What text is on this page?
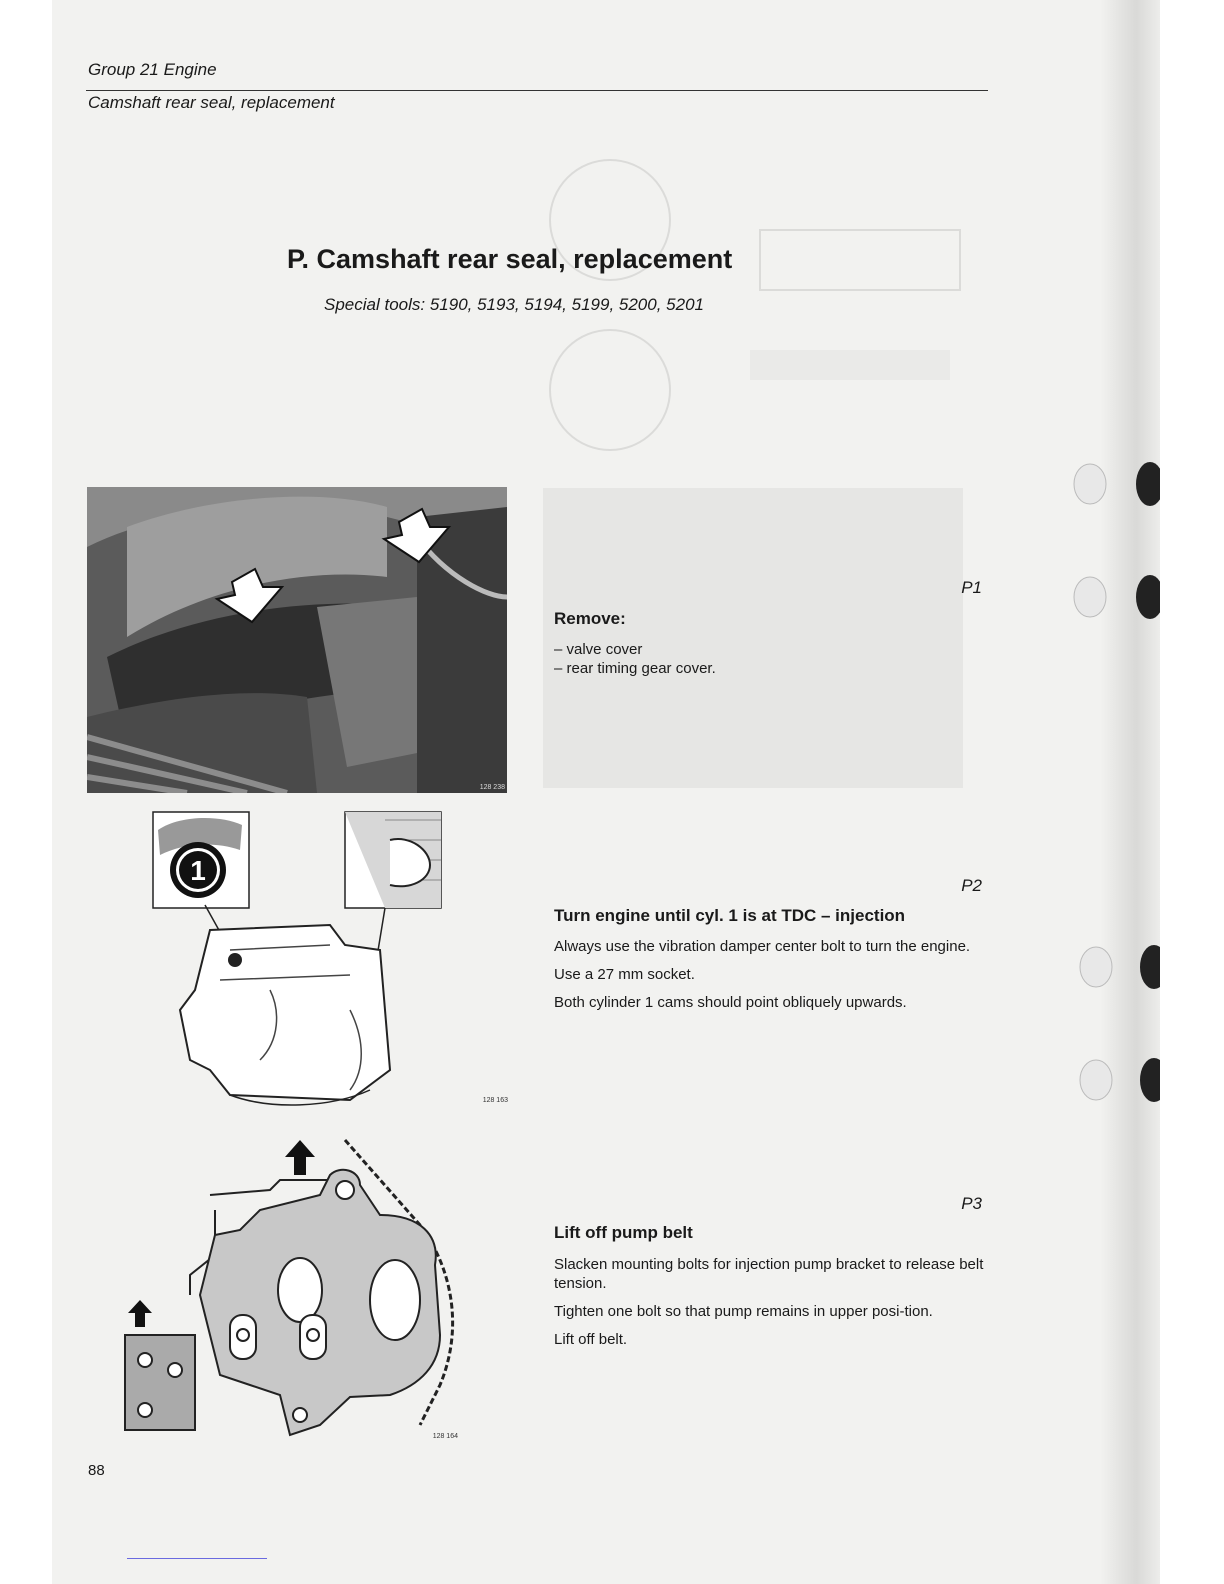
Group 21 Engine
Camshaft rear seal, replacement
P. Camshaft rear seal, replacement
Special tools: 5190, 5193, 5194, 5199, 5200, 5201
128 238
P1
Remove:
– valve cover
– rear timing gear cover.
1
128 163
P2
Turn engine until cyl. 1 is at TDC – injection

Always use the vibration damper center bolt to turn the engine.

Use a 27 mm socket.

Both cylinder 1 cams should point obliquely upwards.

128 164
P3
Lift off pump belt

Slacken mounting bolts for injection pump bracket to release belt tension.

Tighten one bolt so that pump remains in upper posi-tion.

Lift off belt.

88
